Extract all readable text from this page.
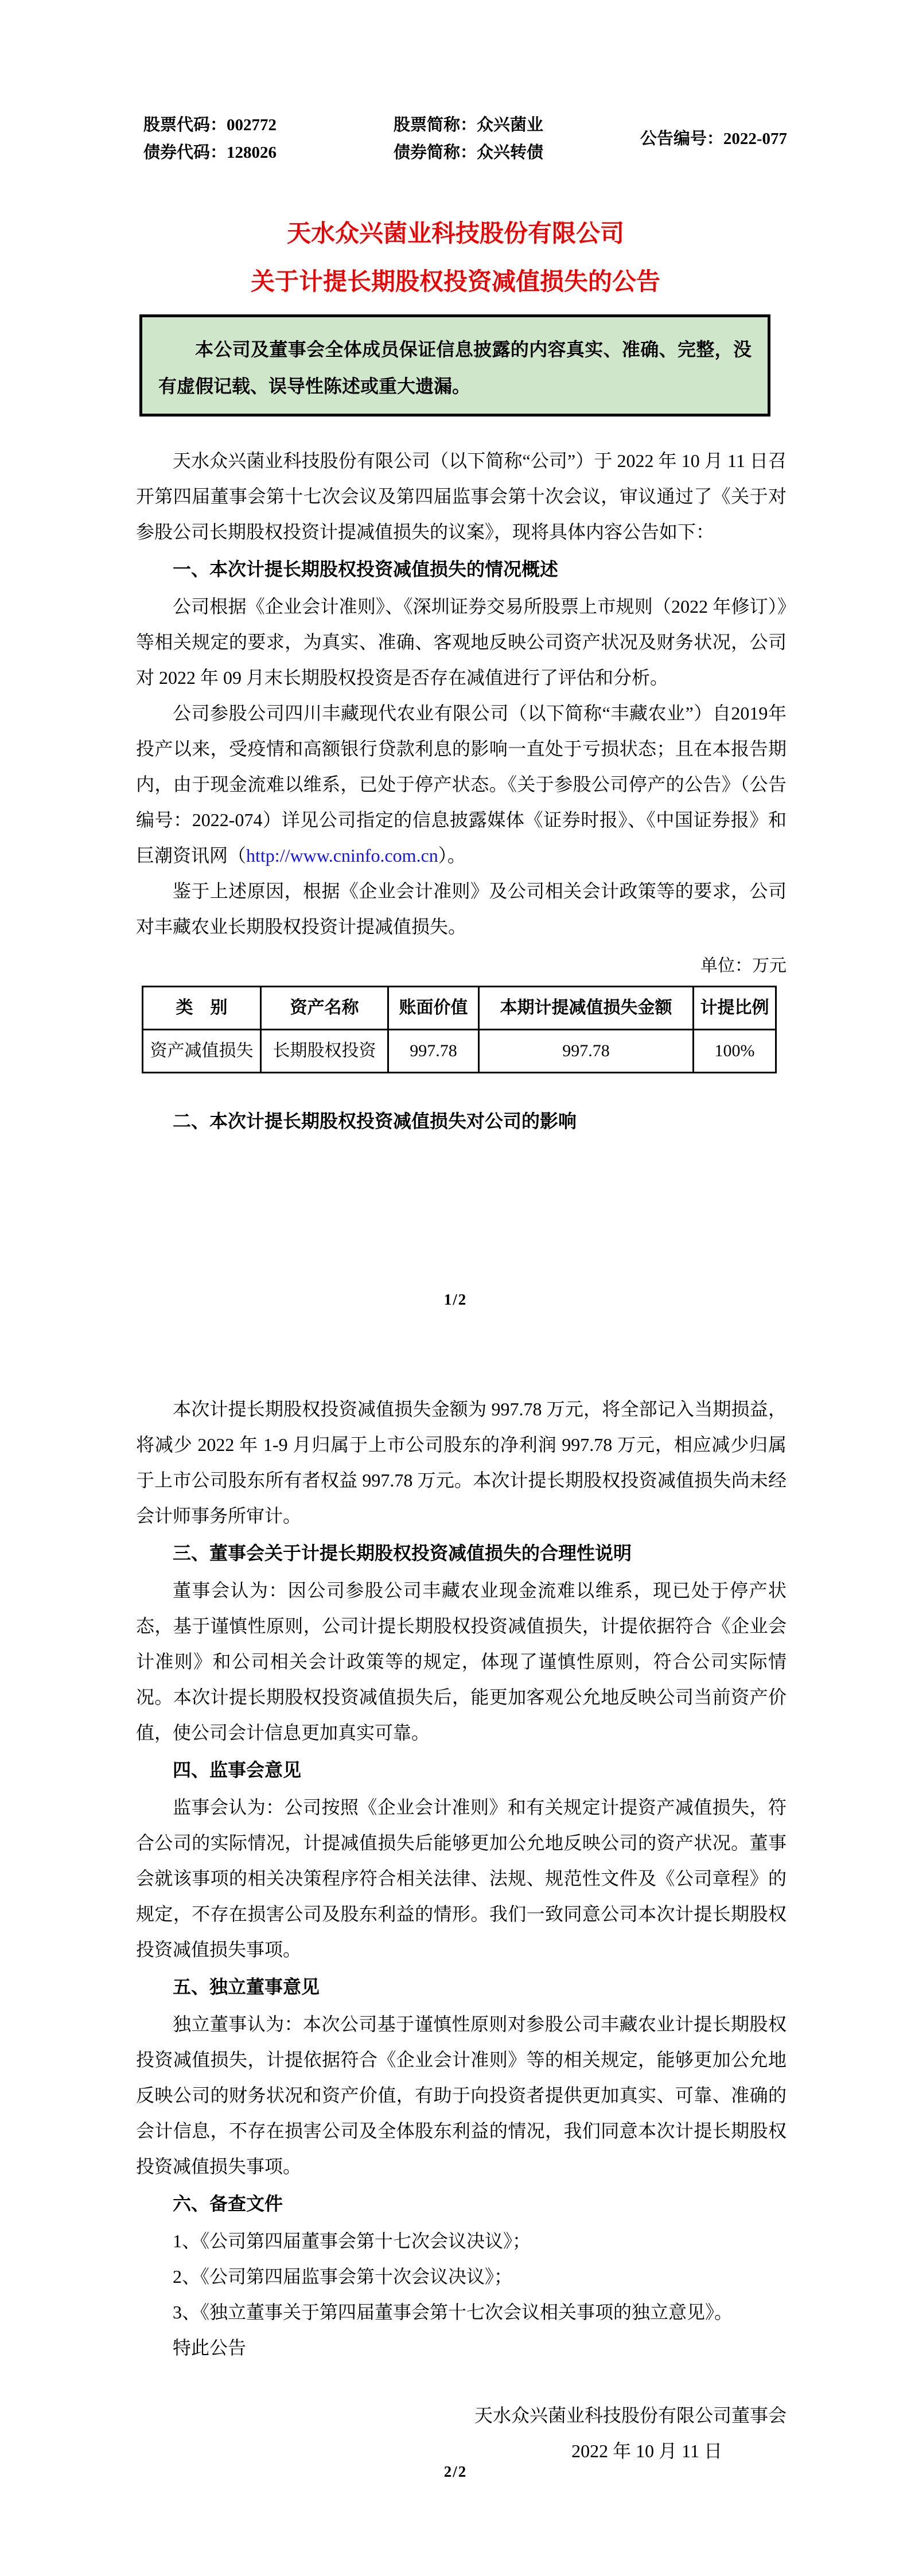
股票代码：002772
债券代码：128026
股票简称：众兴菌业
债券简称：众兴转债
公告编号：2022-077
天水众兴菌业科技股份有限公司
关于计提长期股权投资减值损失的公告
本公司及董事会全体成员保证信息披露的内容真实、准确、完整，没有虚假记载、误导性陈述或重大遗漏。

天水众兴菌业科技股份有限公司（以下简称“公司”）于 2022 年 10 月 11 日召开第四届董事会第十七次会议及第四届监事会第十次会议，审议通过了《关于对参股公司长期股权投资计提减值损失的议案》，现将具体内容公告如下：

一、本次计提长期股权投资减值损失的情况概述

公司根据《企业会计准则》、《深圳证券交易所股票上市规则（2022 年修订）》等相关规定的要求，为真实、准确、客观地反映公司资产状况及财务状况，公司对 2022 年 09 月末长期股权投资是否存在减值进行了评估和分析。

公司参股公司四川丰藏现代农业有限公司（以下简称“丰藏农业”）自2019年投产以来，受疫情和高额银行贷款利息的影响一直处于亏损状态；且在本报告期内，由于现金流难以维系，已处于停产状态。《关于参股公司停产的公告》（公告编号：2022-074）详见公司指定的信息披露媒体《证券时报》、《中国证券报》和巨潮资讯网（http://www.cninfo.com.cn）。

鉴于上述原因，根据《企业会计准则》及公司相关会计政策等的要求，公司对丰藏农业长期股权投资计提减值损失。

单位：万元
类　别	资产名称	账面价值	本期计提减值损失金额	计提比例
资产减值损失	长期股权投资	997.78	997.78	100%

二、本次计提长期股权投资减值损失对公司的影响

1/2

本次计提长期股权投资减值损失金额为 997.78 万元，将全部记入当期损益，将减少 2022 年 1-9 月归属于上市公司股东的净利润 997.78 万元，相应减少归属于上市公司股东所有者权益 997.78 万元。本次计提长期股权投资减值损失尚未经会计师事务所审计。

三、董事会关于计提长期股权投资减值损失的合理性说明

董事会认为：因公司参股公司丰藏农业现金流难以维系，现已处于停产状态，基于谨慎性原则，公司计提长期股权投资减值损失，计提依据符合《企业会计准则》和公司相关会计政策等的规定，体现了谨慎性原则，符合公司实际情况。本次计提长期股权投资减值损失后，能更加客观公允地反映公司当前资产价值，使公司会计信息更加真实可靠。

四、监事会意见

监事会认为：公司按照《企业会计准则》和有关规定计提资产减值损失，符合公司的实际情况，计提减值损失后能够更加公允地反映公司的资产状况。董事会就该事项的相关决策程序符合相关法律、法规、规范性文件及《公司章程》的规定，不存在损害公司及股东利益的情形。我们一致同意公司本次计提长期股权投资减值损失事项。

五、独立董事意见

独立董事认为：本次公司基于谨慎性原则对参股公司丰藏农业计提长期股权投资减值损失，计提依据符合《企业会计准则》等的相关规定，能够更加公允地反映公司的财务状况和资产价值，有助于向投资者提供更加真实、可靠、准确的会计信息，不存在损害公司及全体股东利益的情况，我们同意本次计提长期股权投资减值损失事项。

六、备查文件

1、《公司第四届董事会第十七次会议决议》；

2、《公司第四届监事会第十次会议决议》；

3、《独立董事关于第四届董事会第十七次会议相关事项的独立意见》。

特此公告

天水众兴菌业科技股份有限公司董事会

2022 年 10 月 11 日

2/2
